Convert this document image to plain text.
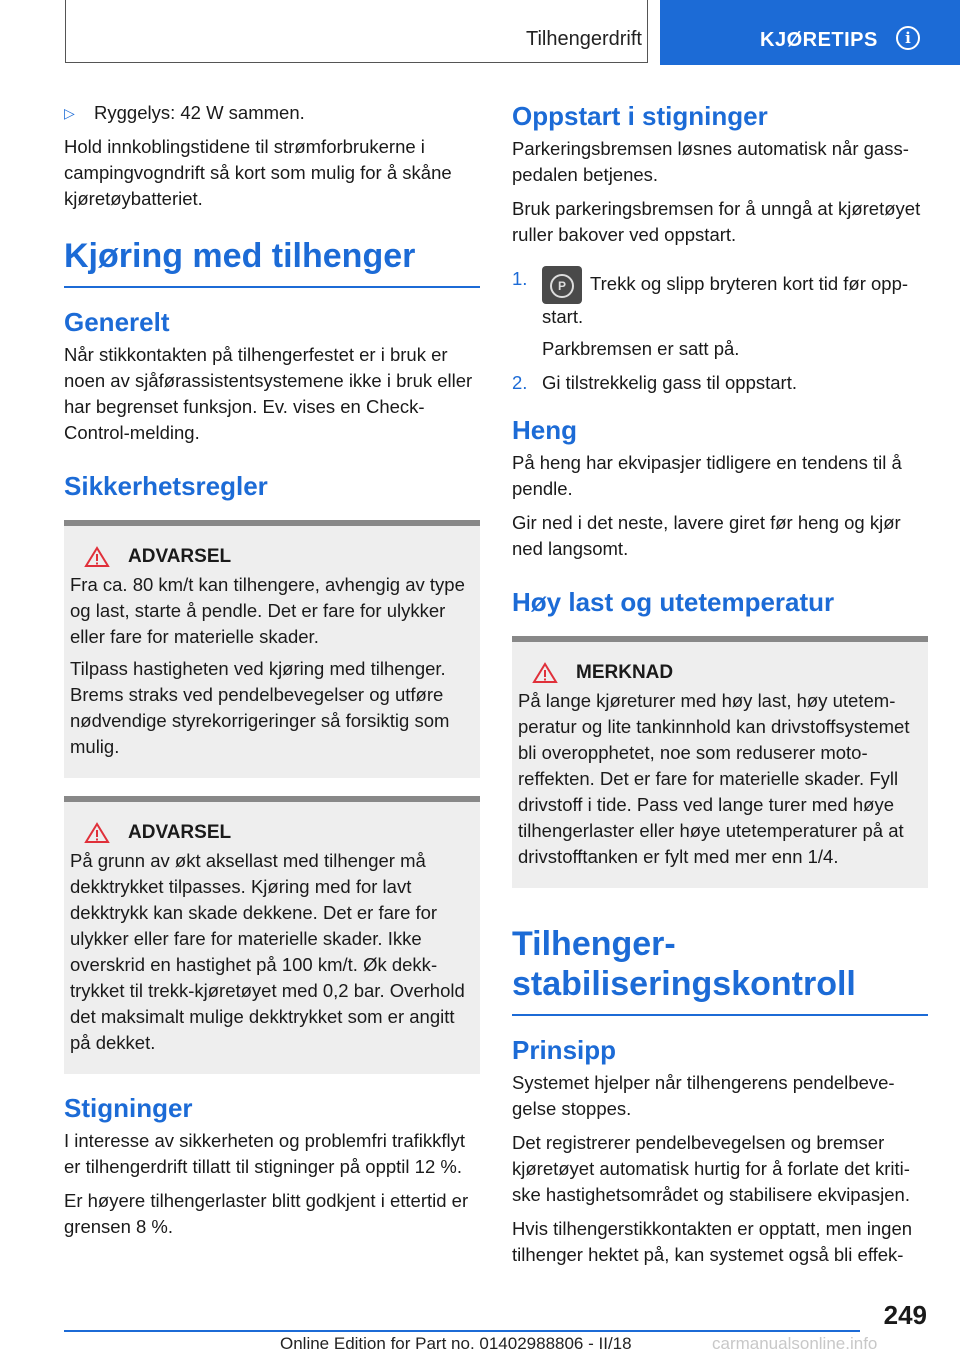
Tilhengerdrift	KJØRETIPS	i
▷	Ryggelys: 42 W sammen.

Hold innkoblingstidene til strømforbrukerne i campingvogndrift så kort som mulig for å skåne kjøretøybatteriet.

Kjøring med tilhenger
Generelt

Når stikkontakten på tilhengerfestet er i bruk er noen av sjåførassistentsystemene ikke i bruk eller har begrenset funksjon. Ev. vises en Check-Control-melding.

Sikkerhetsregler
ADVARSEL

Fra ca. 80 km/t kan tilhengere, avhengig av type og last, starte å pendle. Det er fare for ulykker eller fare for materielle skader.

Tilpass hastigheten ved kjøring med tilhenger. Brems straks ved pendelbevegelser og utføre nødvendige styrekorrigeringer så forsiktig som mulig.

ADVARSEL

På grunn av økt aksellast med tilhenger må dekktrykket tilpasses. Kjøring med for lavt dekktrykk kan skade dekkene. Det er fare for ulykker eller fare for materielle skader. Ikke overskrid en hastighet på 100 km/t. Øk dekktrykket til trekk-kjøretøyet med 0,2 bar. Overhold det maksimalt mulige dekktrykket som er angitt på dekket.

Stigninger

I interesse av sikkerheten og problemfri trafikkflyt er tilhengerdrift tillatt til stigninger på opptil 12 %.

Er høyere tilhengerlaster blitt godkjent i ettertid er grensen 8 %.

Oppstart i stigninger

Parkeringsbremsen løsnes automatisk når gasspedalen betjenes.

Bruk parkeringsbremsen for å unngå at kjøretøyet ruller bakover ved oppstart.

1.	P	Trekk og slipp bryteren kort tid før oppstart.
Parkbremsen er satt på.
2. Gi tilstrekkelig gass til oppstart.
Heng

På heng har ekvipasjer tidligere en tendens til å pendle.

Gir ned i det neste, lavere giret før heng og kjør ned langsomt.

Høy last og utetemperatur
MERKNAD

På lange kjøreturer med høy last, høy utetemperatur og lite tankinnhold kan drivstoffsystemet bli overopphetet, noe som reduserer motoreffekten. Det er fare for materielle skader. Fyll drivstoff i tide. Pass ved lange turer med høye tilhengerlaster eller høye utetemperaturer på at drivstofftanken er fylt med mer enn 1/4.

Tilhengerstabiliseringskontroll
Prinsipp

Systemet hjelper når tilhengerens pendelbevegelse stoppes.

Det registrerer pendelbevegelsen og bremser kjøretøyet automatisk hurtig for å forlate det kritiske hastighetsområdet og stabilisere ekvipasjen.

Hvis tilhengerstikkontakten er opptatt, men ingen tilhenger hektet på, kan systemet også bli effek-

249
Online Edition for Part no. 01402988806 - II/18	carmanualsonline.info
